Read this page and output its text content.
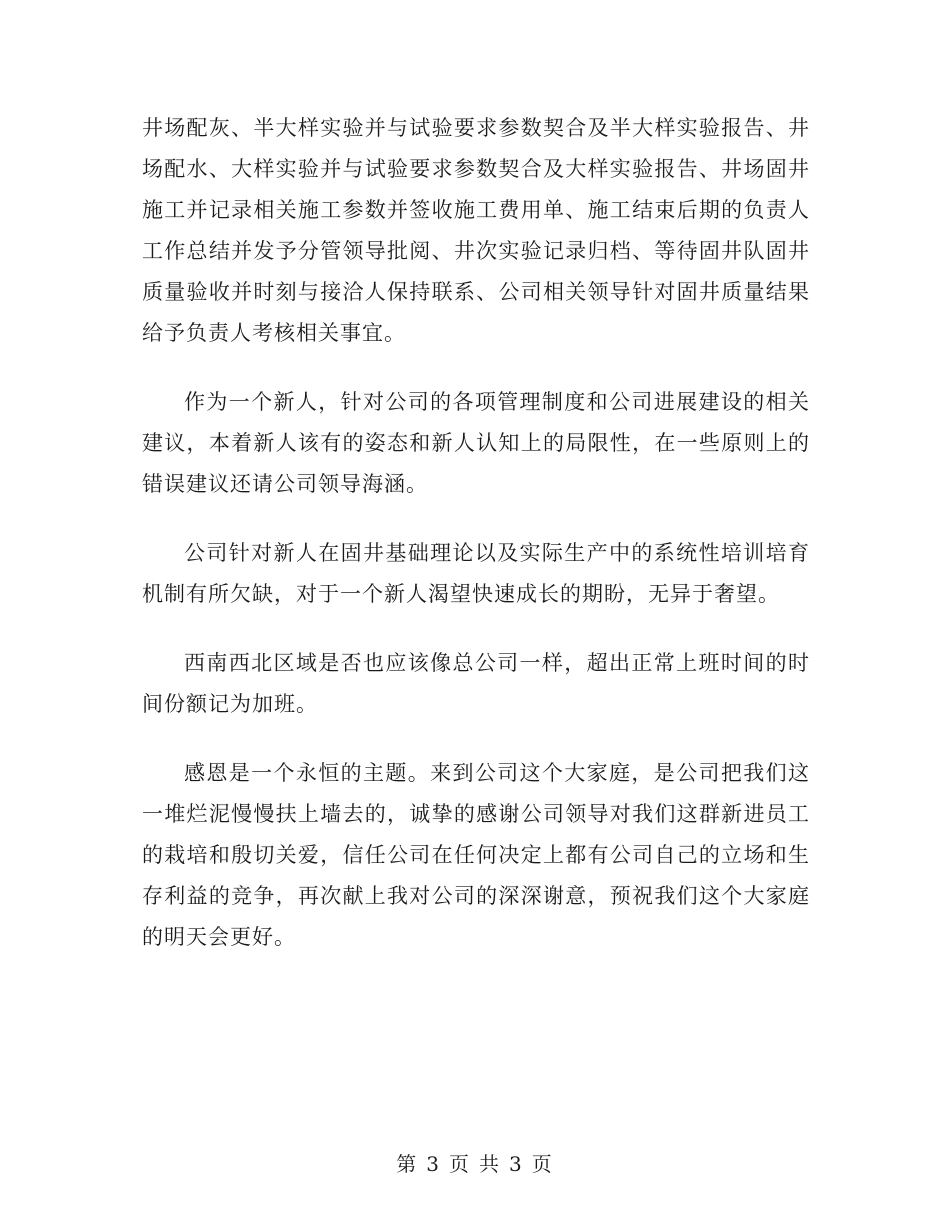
井场配灰、半大样实验并与试验要求参数契合及半大样实验报告、井场配水、大样实验并与试验要求参数契合及大样实验报告、井场固井施工并记录相关施工参数并签收施工费用单、施工结束后期的负责人工作总结并发予分管领导批阅、井次实验记录归档、等待固井队固井质量验收并时刻与接洽人保持联系、公司相关领导针对固井质量结果给予负责人考核相关事宜。

作为一个新人，针对公司的各项管理制度和公司进展建设的相关建议，本着新人该有的姿态和新人认知上的局限性，在一些原则上的错误建议还请公司领导海涵。

公司针对新人在固井基础理论以及实际生产中的系统性培训培育机制有所欠缺，对于一个新人渴望快速成长的期盼，无异于奢望。

西南西北区域是否也应该像总公司一样，超出正常上班时间的时间份额记为加班。

感恩是一个永恒的主题。来到公司这个大家庭，是公司把我们这一堆烂泥慢慢扶上墙去的，诚挚的感谢公司领导对我们这群新进员工的栽培和殷切关爱，信任公司在任何决定上都有公司自己的立场和生存利益的竞争，再次献上我对公司的深深谢意，预祝我们这个大家庭的明天会更好。

第 3 页 共 3 页
